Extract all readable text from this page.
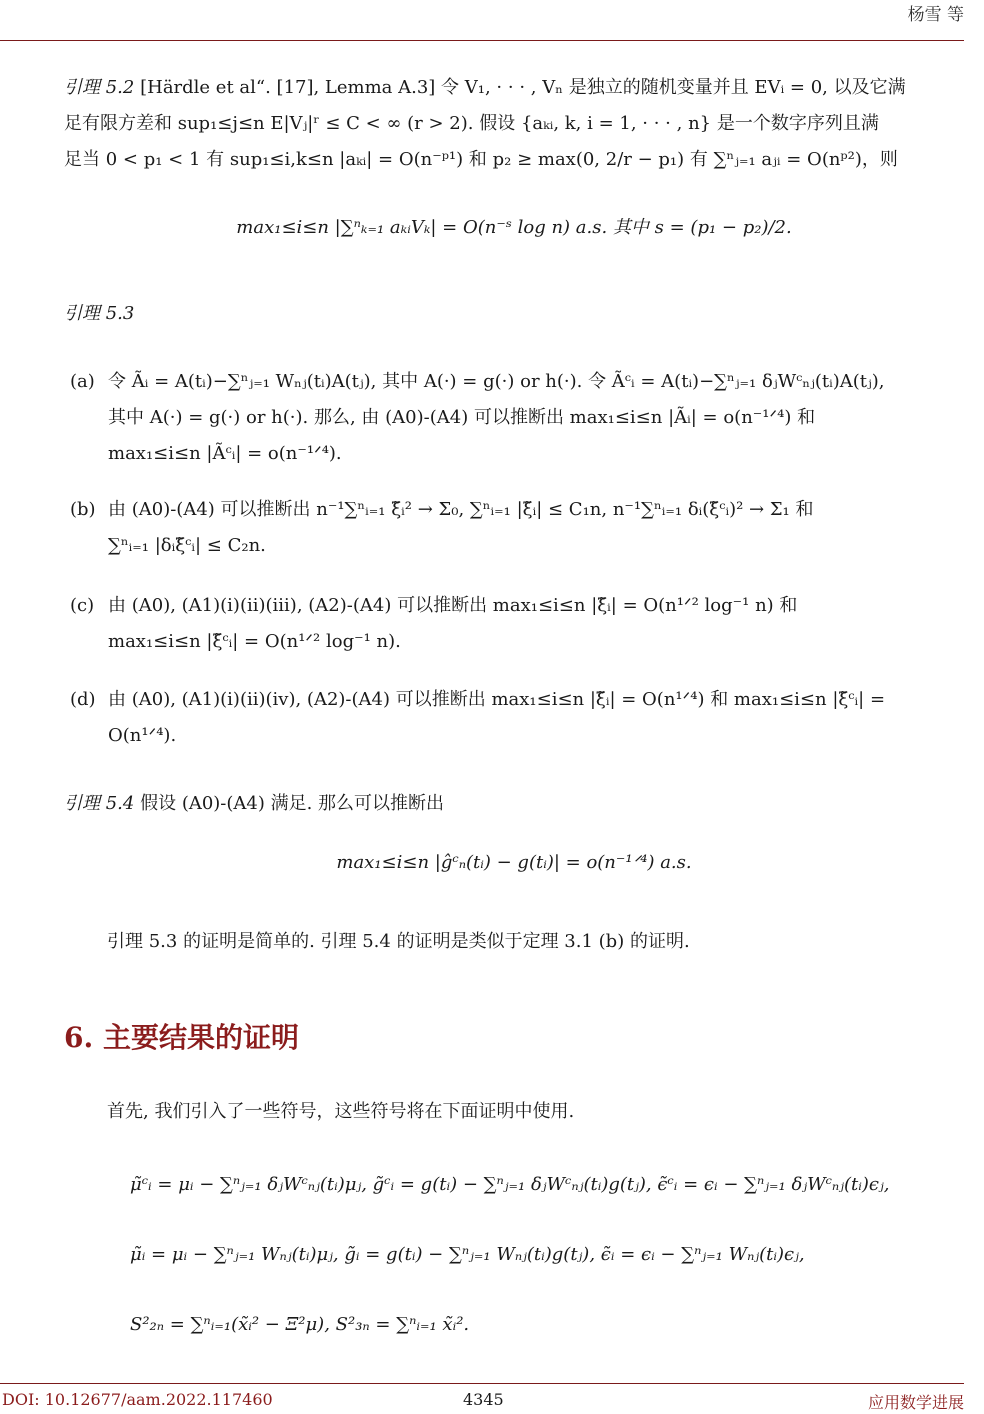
杨雪 等
引理 5.2 [Härdle et al“. [17], Lemma A.3] 令 V₁, · · · , Vₙ 是独立的随机变量并且 EVᵢ = 0, 以及它满
足有限方差和 sup₁≤j≤n E|Vⱼ|ʳ ≤ C < ∞ (r > 2). 假设 {aₖᵢ, k, i = 1, · · · , n} 是一个数字序列且满
足当 0 < p₁ < 1 有 sup₁≤i,k≤n |aₖᵢ| = O(n⁻ᵖ¹) 和 p₂ ≥ max(0, 2/r − p₁) 有 ∑ⁿⱼ₌₁ aⱼᵢ = O(nᵖ²)，则
max₁≤i≤n |∑ⁿₖ₌₁ aₖᵢVₖ| = O(n⁻ˢ log n) a.s. 其中 s = (p₁ − p₂)/2.
引理 5.3
(a) 令 Ãᵢ = A(tᵢ)−∑ⁿⱼ₌₁ Wₙⱼ(tᵢ)A(tⱼ), 其中 A(·) = g(·) or h(·). 令 Ãᶜᵢ = A(tᵢ)−∑ⁿⱼ₌₁ δⱼWᶜₙⱼ(tᵢ)A(tⱼ),
其中 A(·) = g(·) or h(·). 那么, 由 (A0)-(A4) 可以推断出 max₁≤i≤n |Ãᵢ| = o(n⁻¹ᐟ⁴) 和
max₁≤i≤n |Ãᶜᵢ| = o(n⁻¹ᐟ⁴).
(b) 由 (A0)-(A4) 可以推断出 n⁻¹∑ⁿᵢ₌₁ ξ̃ᵢ² → Σ₀, ∑ⁿᵢ₌₁ |ξ̃ᵢ| ≤ C₁n, n⁻¹∑ⁿᵢ₌₁ δᵢ(ξ̃ᶜᵢ)² → Σ₁ 和
∑ⁿᵢ₌₁ |δᵢξ̃ᶜᵢ| ≤ C₂n.
(c) 由 (A0), (A1)(i)(ii)(iii), (A2)-(A4) 可以推断出 max₁≤i≤n |ξ̃ᵢ| = O(n¹ᐟ² log⁻¹ n) 和
max₁≤i≤n |ξ̃ᶜᵢ| = O(n¹ᐟ² log⁻¹ n).
(d) 由 (A0), (A1)(i)(ii)(iv), (A2)-(A4) 可以推断出 max₁≤i≤n |ξ̃ᵢ| = O(n¹ᐟ⁴) 和 max₁≤i≤n |ξ̃ᶜᵢ| =
O(n¹ᐟ⁴).
引理 5.4 假设 (A0)-(A4) 满足. 那么可以推断出
max₁≤i≤n |ĝᶜₙ(tᵢ) − g(tᵢ)| = o(n⁻¹ᐟ⁴) a.s.
引理 5.3 的证明是简单的. 引理 5.4 的证明是类似于定理 3.1 (b) 的证明.
6. 主要结果的证明
首先, 我们引入了一些符号，这些符号将在下面证明中使用.
μ̃ᶜᵢ = μᵢ − ∑ⁿⱼ₌₁ δⱼWᶜₙⱼ(tᵢ)μⱼ, g̃ᶜᵢ = g(tᵢ) − ∑ⁿⱼ₌₁ δⱼWᶜₙⱼ(tᵢ)g(tⱼ), ϵ̃ᶜᵢ = ϵᵢ − ∑ⁿⱼ₌₁ δⱼWᶜₙⱼ(tᵢ)ϵⱼ,
μ̃ᵢ = μᵢ − ∑ⁿⱼ₌₁ Wₙⱼ(tᵢ)μⱼ, g̃ᵢ = g(tᵢ) − ∑ⁿⱼ₌₁ Wₙⱼ(tᵢ)g(tⱼ), ϵ̃ᵢ = ϵᵢ − ∑ⁿⱼ₌₁ Wₙⱼ(tᵢ)ϵⱼ,
S²₂ₙ = ∑ⁿᵢ₌₁(x̃ᵢ² − Ξ²μ), S²₃ₙ = ∑ⁿᵢ₌₁ x̃ᵢ².
DOI: 10.12677/aam.2022.117460	4345	应用数学进展
